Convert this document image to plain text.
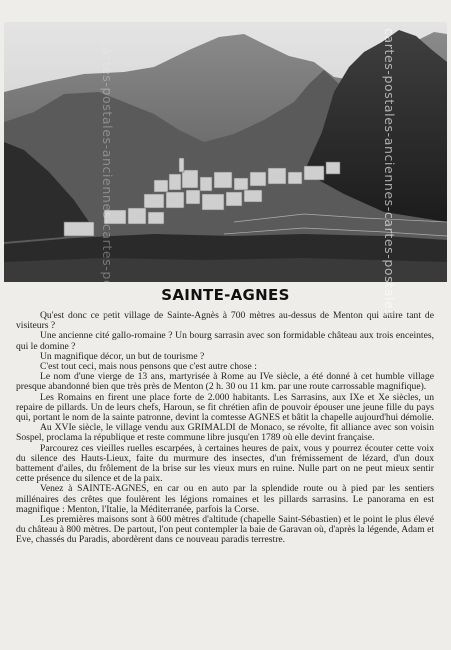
SAINTE-AGNES

Qu'est donc ce petit village de Sainte-Agnès à 700 mètres au-dessus de Menton qui attire tant de visiteurs ?

Une ancienne cité gallo-romaine ? Un bourg sarrasin avec son formidable château aux trois enceintes, qui le domine ?

Un magnifique décor, un but de tourisme ?

C'est tout ceci, mais nous pensons que c'est autre chose :

Le nom d'une vierge de 13 ans, martyrisée à Rome au IVe siècle, a été donné à cet humble village presque abandonné bien que très près de Menton (2 h. 30 ou 11 km. par une route carrossable magnifique).

Les Romains en firent une place forte de 2.000 habitants. Les Sarrasins, aux IXe et Xe siècles, un repaire de pillards. Un de leurs chefs, Haroun, se fit chrétien afin de pouvoir épouser une jeune fille du pays qui, portant le nom de la sainte patronne, devint la comtesse AGNES et bâtit la chapelle aujourd'hui démolie.

Au XVIe siècle, le village vendu aux GRIMALDI de Monaco, se révolte, fit alliance avec son voisin Sospel, proclama la république et reste commune libre jusqu'en 1789 où elle devint française.

Parcourez ces vieilles ruelles escarpées, à certaines heures de paix, vous y pourrez écouter cette voix du silence des Hauts-Lieux, faite du murmure des insectes, d'un frémissement de lézard, d'un doux battement d'ailes, du frôlement de la brise sur les vieux murs en ruine. Nulle part on ne peut mieux sentir cette présence du silence et de la paix.

Venez à SAINTE-AGNES, en car ou en auto par la splendide route ou à pied par les sentiers millénaires des crêtes que foulèrent les légions romaines et les pillards sarrasins. Le panorama en est magnifique : Menton, l'Italie, la Méditerranée, parfois la Corse.

Les premières maisons sont à 600 mètres d'altitude (chapelle Saint-Sébastien) et le point le plus élevé du château à 800 mètres. De partout, l'on peut contempler la baie de Garavan où, d'après la légende, Adam et Eve, chassés du Paradis, abordèrent dans ce nouveau paradis terrestre.

cartes-postales-anciennes-cartes-postales	cartes-postales-anciennes-cartes-postales
